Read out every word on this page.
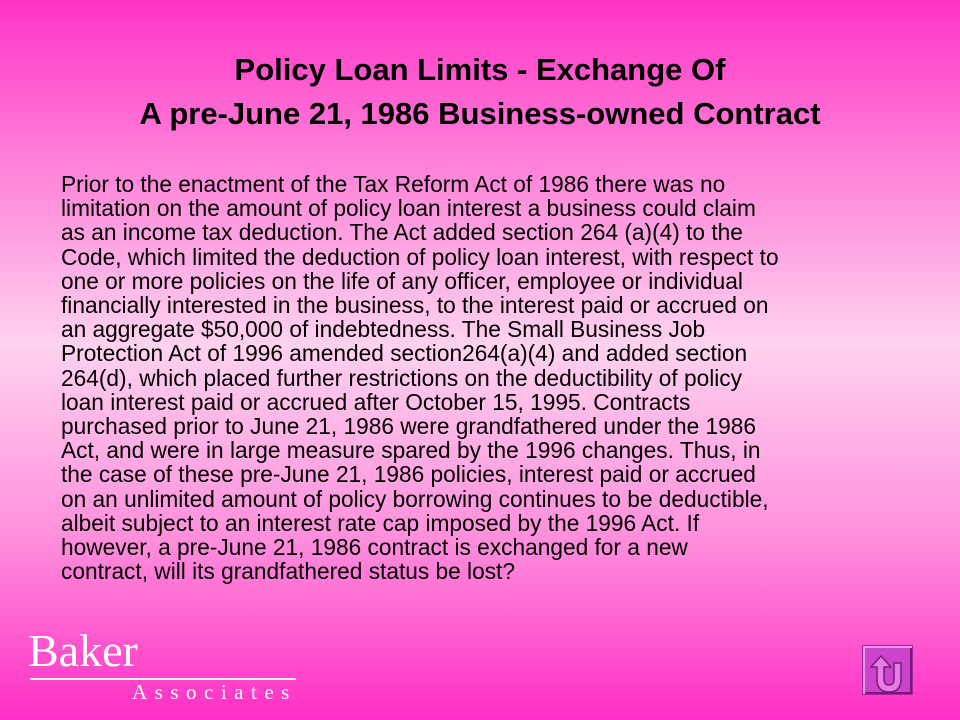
Policy Loan Limits - Exchange Of
A pre-June 21, 1986 Business-owned Contract
Prior to the enactment of the Tax Reform Act of 1986 there was no
limitation on the amount of policy loan interest a business could claim
as an income tax deduction. The Act added section 264 (a)(4) to the
Code, which limited the deduction of policy loan interest, with respect to
one or more policies on the life of any officer, employee or individual
financially interested in the business, to the interest paid or accrued on
an aggregate $50,000 of indebtedness. The Small Business Job
Protection Act of 1996 amended section264(a)(4) and added section
264(d), which placed further restrictions on the deductibility of policy
loan interest paid or accrued after October 15, 1995. Contracts
purchased prior to June 21, 1986 were grandfathered under the 1986
Act, and were in large measure spared by the 1996 changes. Thus, in
the case of these pre-June 21, 1986 policies, interest paid or accrued
on an unlimited amount of policy borrowing continues to be deductible,
albeit subject to an interest rate cap imposed by the 1996 Act. If
however, a pre-June 21, 1986 contract is exchanged for a new
contract, will its grandfathered status be lost?
Baker
Associates
